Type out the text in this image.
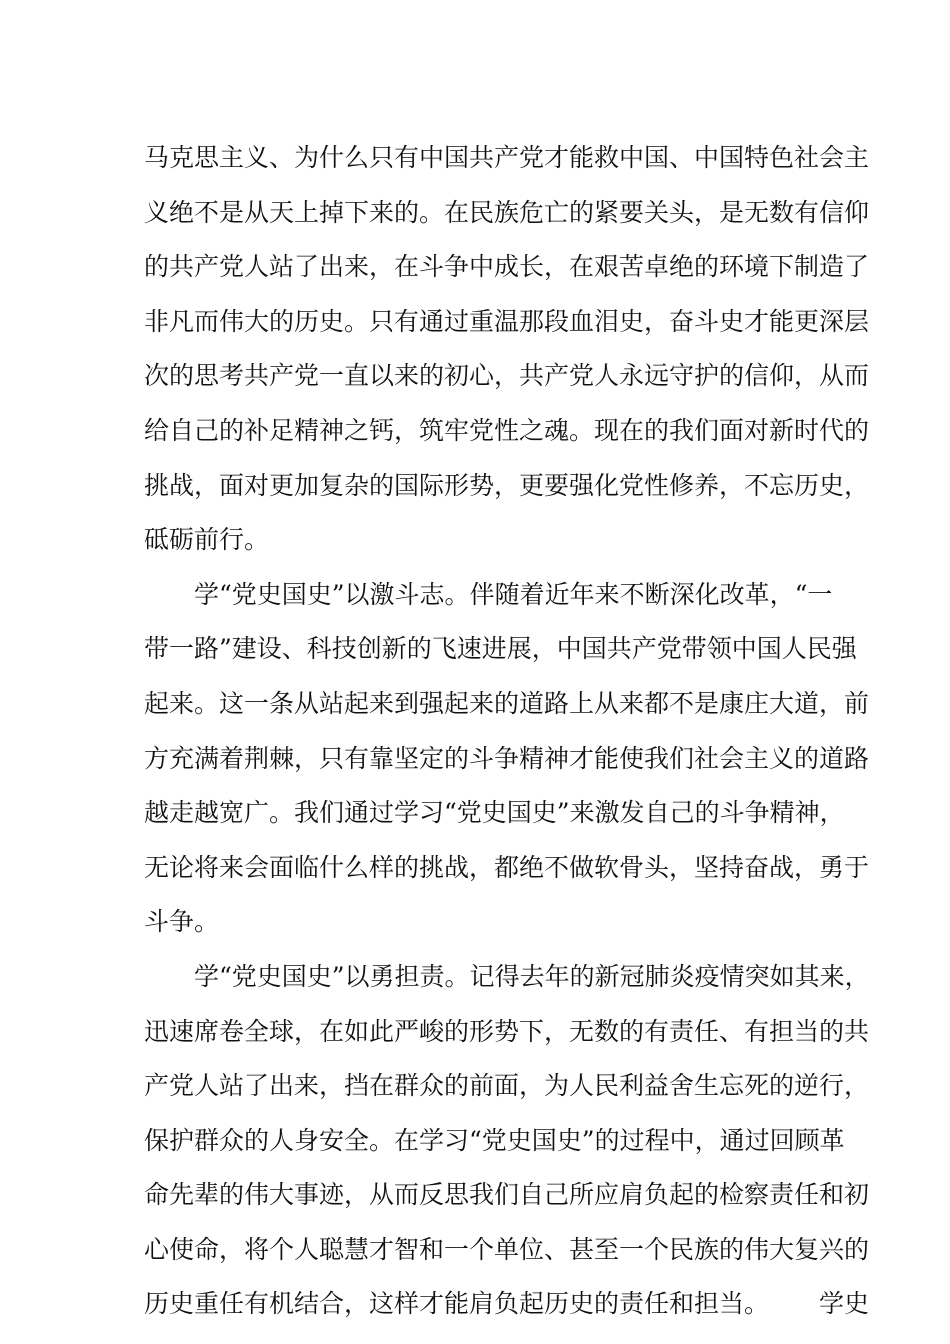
马克思主义、为什么只有中国共产党才能救中国、中国特色社会主
义绝不是从天上掉下来的。在民族危亡的紧要关头，是无数有信仰
的共产党人站了出来，在斗争中成长，在艰苦卓绝的环境下制造了
非凡而伟大的历史。只有通过重温那段血泪史，奋斗史才能更深层
次的思考共产党一直以来的初心，共产党人永远守护的信仰，从而
给自己的补足精神之钙，筑牢党性之魂。现在的我们面对新时代的
挑战，面对更加复杂的国际形势，更要强化党性修养，不忘历史，
砥砺前行。
学“党史国史”以激斗志。伴随着近年来不断深化改革，“一
带一路”建设、科技创新的飞速进展，中国共产党带领中国人民强
起来。这一条从站起来到强起来的道路上从来都不是康庄大道，前
方充满着荆棘，只有靠坚定的斗争精神才能使我们社会主义的道路
越走越宽广。我们通过学习“党史国史”来激发自己的斗争精神，
无论将来会面临什么样的挑战，都绝不做软骨头，坚持奋战，勇于
斗争。
学“党史国史”以勇担责。记得去年的新冠肺炎疫情突如其来，
迅速席卷全球，在如此严峻的形势下，无数的有责任、有担当的共
产党人站了出来，挡在群众的前面，为人民利益舍生忘死的逆行，
保护群众的人身安全。在学习“党史国史”的过程中，通过回顾革
命先辈的伟大事迹，从而反思我们自己所应肩负起的检察责任和初
心使命，将个人聪慧才智和一个单位、甚至一个民族的伟大复兴的
历史重任有机结合，这样才能肩负起历史的责任和担当。 学史
